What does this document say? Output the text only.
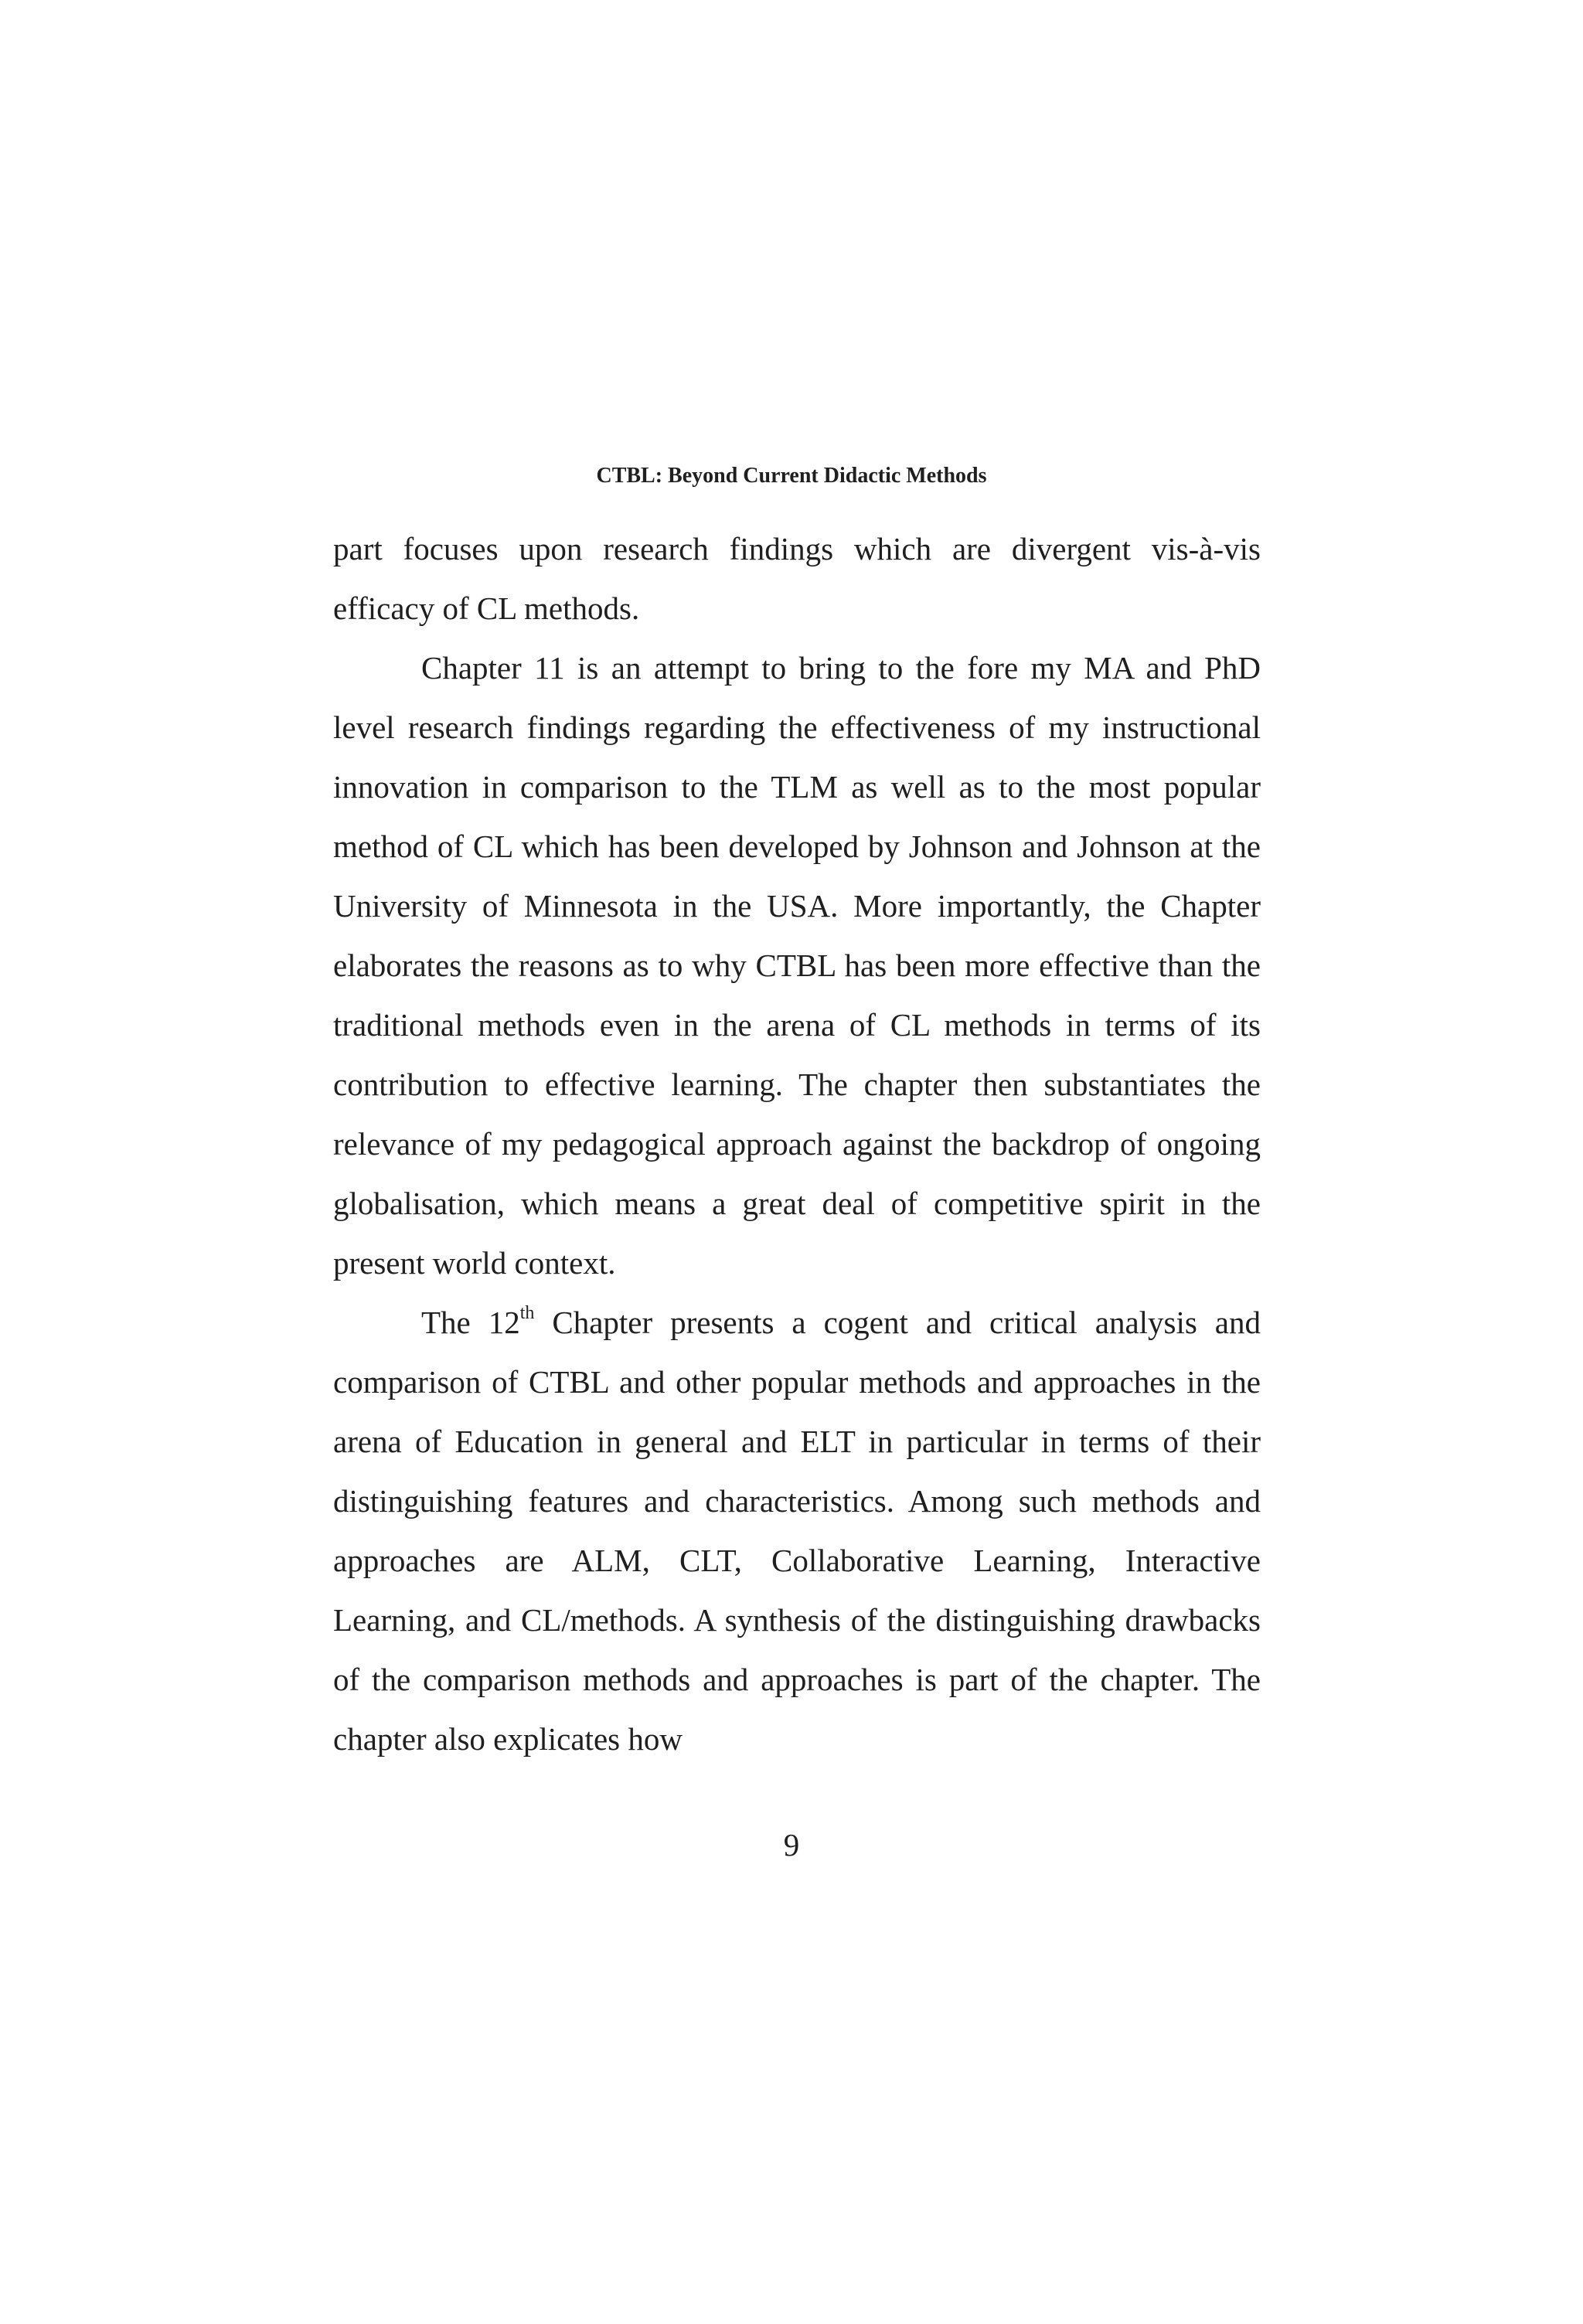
CTBL: Beyond Current Didactic Methods

part focuses upon research findings which are divergent vis-à-vis efficacy of CL methods.

Chapter 11 is an attempt to bring to the fore my MA and PhD level research findings regarding the effectiveness of my instructional innovation in comparison to the TLM as well as to the most popular method of CL which has been developed by Johnson and Johnson at the University of Minnesota in the USA. More importantly, the Chapter elaborates the reasons as to why CTBL has been more effective than the traditional methods even in the arena of CL methods in terms of its contribution to effective learning. The chapter then substantiates the relevance of my pedagogical approach against the backdrop of ongoing globalisation, which means a great deal of competitive spirit in the present world context.

The 12th Chapter presents a cogent and critical analysis and comparison of CTBL and other popular methods and approaches in the arena of Education in general and ELT in particular in terms of their distinguishing features and characteristics. Among such methods and approaches are ALM, CLT, Collaborative Learning, Interactive Learning, and CL/methods. A synthesis of the distinguishing drawbacks of the comparison methods and approaches is part of the chapter. The chapter also explicates how

9
